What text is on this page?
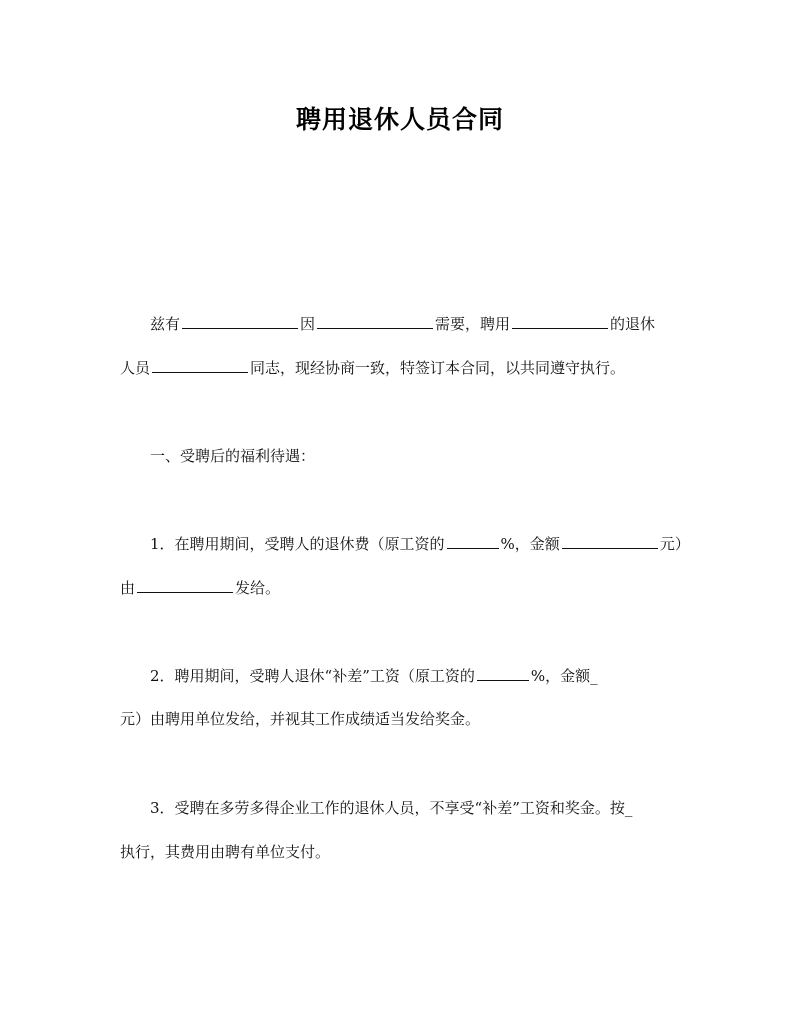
聘用退休人员合同
兹有	因	需要，聘用	的退休
人员	同志，现经协商一致，特签订本合同，以共同遵守执行。
一、受聘后的福利待遇：
1．在聘用期间，受聘人的退休费（原工资的	%，金额	元）
由	发给。
2．聘用期间，受聘人退休“补差”工资（原工资的	%，金额_
元）由聘用单位发给，并视其工作成绩适当发给奖金。
3．受聘在多劳多得企业工作的退休人员，不享受“补差”工资和奖金。按_
执行，其费用由聘有单位支付。
